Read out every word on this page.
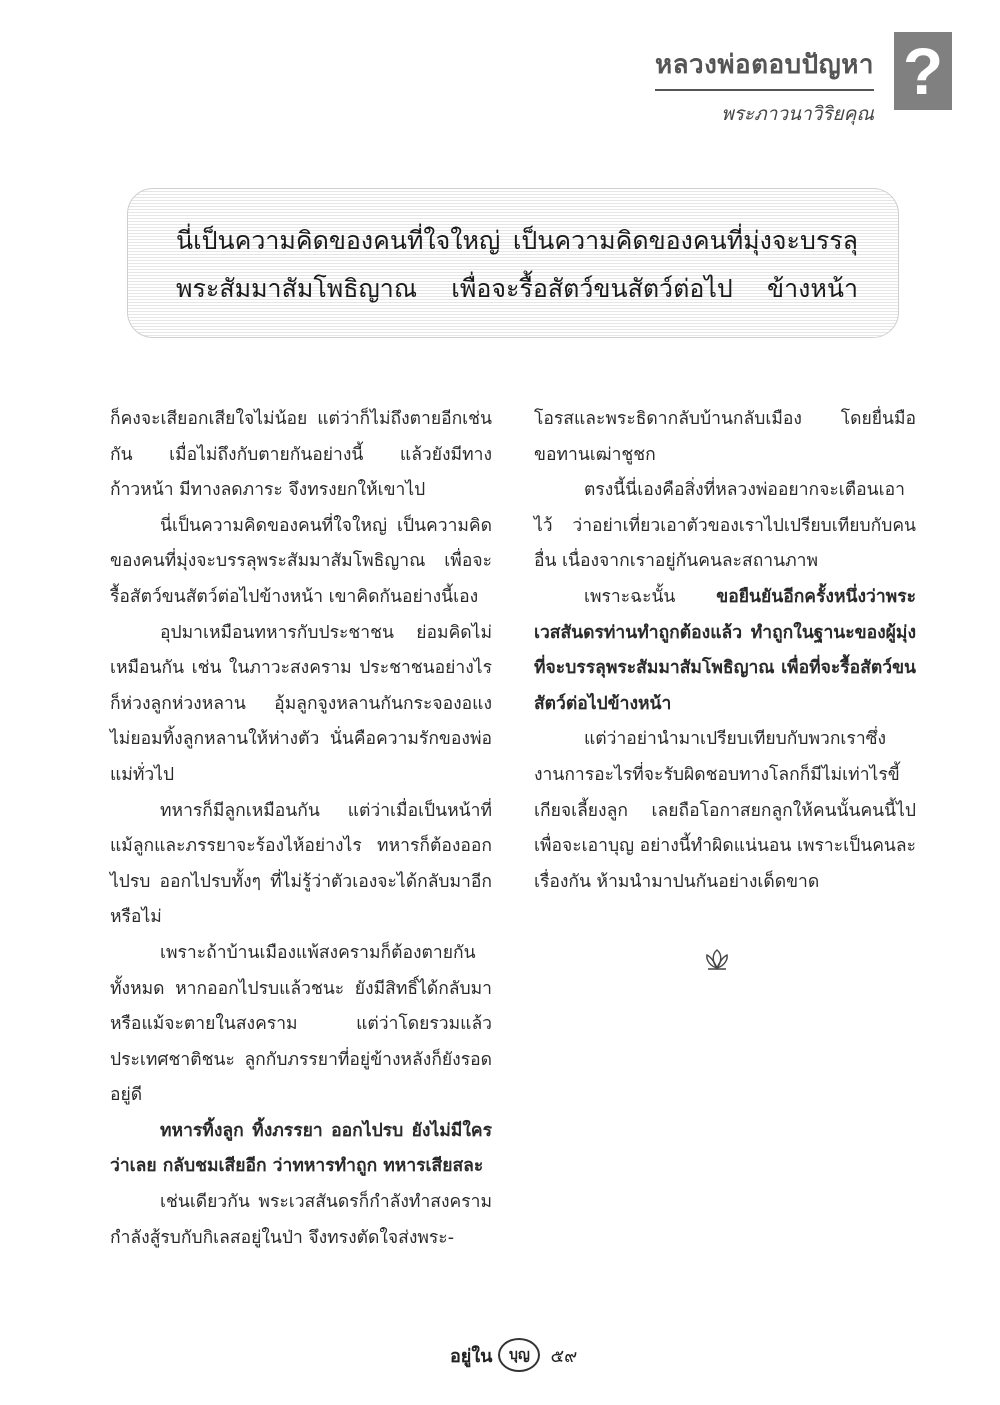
หลวงพ่อตอบปัญหา
พระภาวนาวิริยคุณ
?
นี่เป็นความคิดของคนที่ใจใหญ่ เป็นความคิดของคนที่มุ่งจะบรรลุ
พระสัมมาสัมโพธิญาณ เพื่อจะรื้อสัตว์ขนสัตว์ต่อไป ข้างหน้า

ก็คงจะเสียอกเสียใจไม่น้อย แต่ว่าก็ไม่ถึงตายอีกเช่นกัน เมื่อไม่ถึงกับตายกันอย่างนี้ แล้วยังมีทางก้าวหน้า มีทางลดภาระ จึงทรงยกให้เขาไป

นี่เป็นความคิดของคนที่ใจใหญ่ เป็นความคิดของคนที่มุ่งจะบรรลุพระสัมมาสัมโพธิญาณ เพื่อจะรื้อสัตว์ขนสัตว์ต่อไปข้างหน้า เขาคิดกันอย่างนี้เอง

อุปมาเหมือนทหารกับประชาชน ย่อมคิดไม่เหมือนกัน เช่น ในภาวะสงคราม ประชาชนอย่างไรก็ห่วงลูกห่วงหลาน อุ้มลูกจูงหลานกันกระจองอแง ไม่ยอมทิ้งลูกหลานให้ห่างตัว นั่นคือความรักของพ่อแม่ทั่วไป

ทหารก็มีลูกเหมือนกัน แต่ว่าเมื่อเป็นหน้าที่แม้ลูกและภรรยาจะร้องไห้อย่างไร ทหารก็ต้องออกไปรบ ออกไปรบทั้งๆ ที่ไม่รู้ว่าตัวเองจะได้กลับมาอีกหรือไม่

เพราะถ้าบ้านเมืองแพ้สงครามก็ต้องตายกันทั้งหมด หากออกไปรบแล้วชนะ ยังมีสิทธิ์ได้กลับมา หรือแม้จะตายในสงคราม แต่ว่าโดยรวมแล้วประเทศชาติชนะ ลูกกับภรรยาที่อยู่ข้างหลังก็ยังรอดอยู่ดี

ทหารทิ้งลูก ทิ้งภรรยา ออกไปรบ ยังไม่มีใครว่าเลย กลับชมเสียอีก ว่าทหารทำถูก ทหารเสียสละ

เช่นเดียวกัน พระเวสสันดรก็กำลังทำสงครามกำลังสู้รบกับกิเลสอยู่ในป่า จึงทรงตัดใจส่งพระ-

โอรสและพระธิดากลับบ้านกลับเมือง โดยยื่นมือขอทานเฒ่าชูชก

ตรงนี้นี่เองคือสิ่งที่หลวงพ่ออยากจะเตือนเอาไว้ ว่าอย่าเที่ยวเอาตัวของเราไปเปรียบเทียบกับคนอื่น เนื่องจากเราอยู่กันคนละสถานภาพ

เพราะฉะนั้น ขอยืนยันอีกครั้งหนึ่งว่าพระเวสสันดรท่านทำถูกต้องแล้ว ทำถูกในฐานะของผู้มุ่งที่จะบรรลุพระสัมมาสัมโพธิญาณ เพื่อที่จะรื้อสัตว์ขนสัตว์ต่อไปข้างหน้า

แต่ว่าอย่านำมาเปรียบเทียบกับพวกเราซึ่งงานการอะไรที่จะรับผิดชอบทางโลกก็มีไม่เท่าไรขี้เกียจเลี้ยงลูก เลยถือโอกาสยกลูกให้คนนั้นคนนี้ไปเพื่อจะเอาบุญ อย่างนี้ทำผิดแน่นอน เพราะเป็นคนละเรื่องกัน ห้ามนำมาปนกันอย่างเด็ดขาด

อยู่ใน	บุญ	๕๙
